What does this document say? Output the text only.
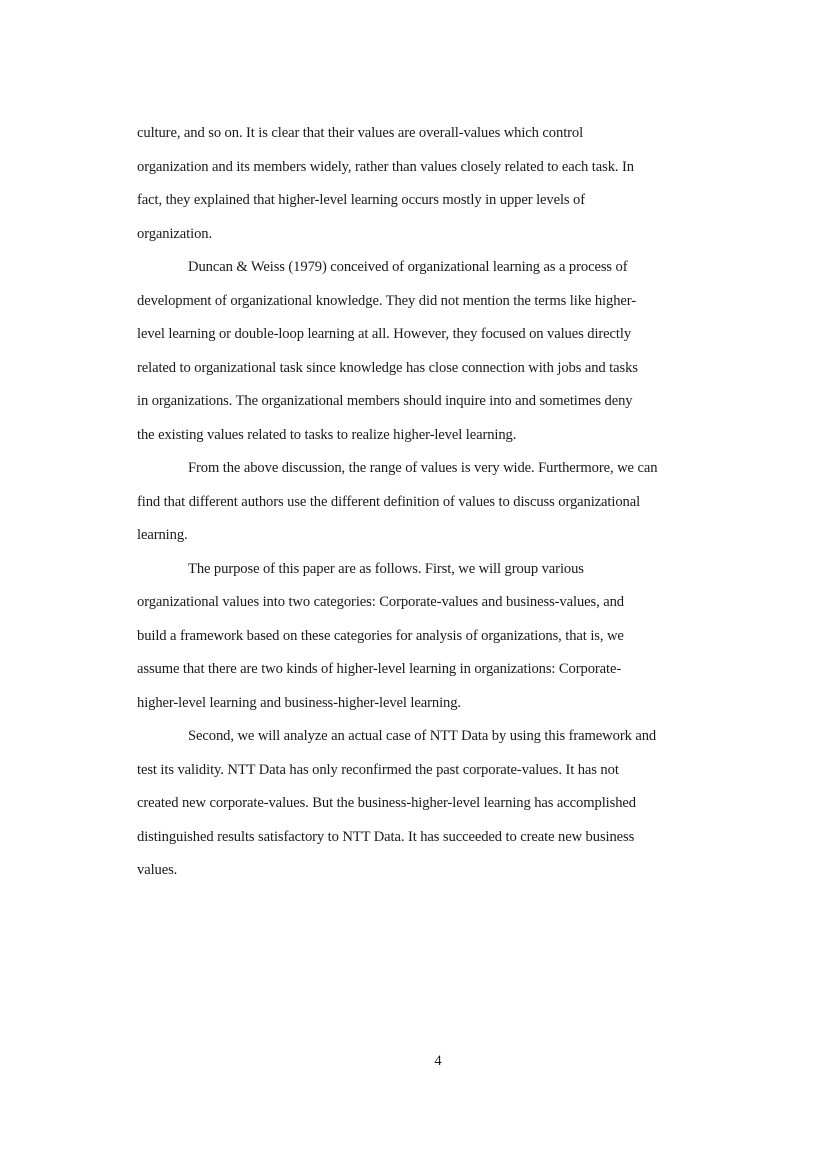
culture, and so on. It is clear that their values are overall-values which control
organization and its members widely, rather than values closely related to each task. In
fact, they explained that higher-level learning occurs mostly in upper levels of
organization.
Duncan & Weiss (1979) conceived of organizational learning as a process of
development of organizational knowledge. They did not mention the terms like higher-
level learning or double-loop learning at all. However, they focused on values directly
related to organizational task since knowledge has close connection with jobs and tasks
in organizations. The organizational members should inquire into and sometimes deny
the existing values related to tasks to realize higher-level learning.
From the above discussion, the range of values is very wide. Furthermore, we can
find that different authors use the different definition of values to discuss organizational
learning.
The purpose of this paper are as follows. First, we will group various
organizational values into two categories: Corporate-values and business-values, and
build a framework based on these categories for analysis of organizations, that is, we
assume that there are two kinds of higher-level learning in organizations: Corporate-
higher-level learning and business-higher-level learning.
Second, we will analyze an actual case of NTT Data by using this framework and
test its validity. NTT Data has only reconfirmed the past corporate-values. It has not
created new corporate-values. But the business-higher-level learning has accomplished
distinguished results satisfactory to NTT Data. It has succeeded to create new business
values.
4
